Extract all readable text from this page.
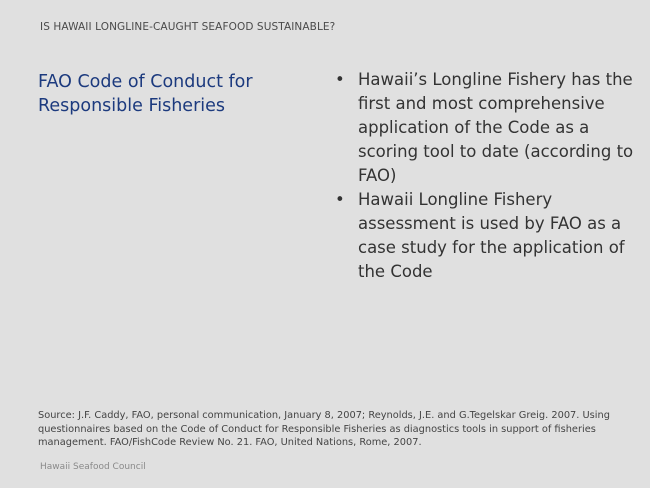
IS HAWAII LONGLINE-CAUGHT SEAFOOD SUSTAINABLE?
FAO Code of Conduct for Responsible Fisheries
• Hawaii’s Longline Fishery has the first and most comprehensive application of the Code as a scoring tool to date (according to FAO)
• Hawaii Longline Fishery assessment is used by FAO as a case study for the application of the Code
Source: J.F. Caddy, FAO, personal communication, January 8, 2007; Reynolds, J.E. and G.Tegelskar Greig. 2007. Using questionnaires based on the Code of Conduct for Responsible Fisheries as diagnostics tools in support of fisheries management. FAO/FishCode Review No. 21. FAO, United Nations, Rome, 2007.
Hawaii Seafood Council
